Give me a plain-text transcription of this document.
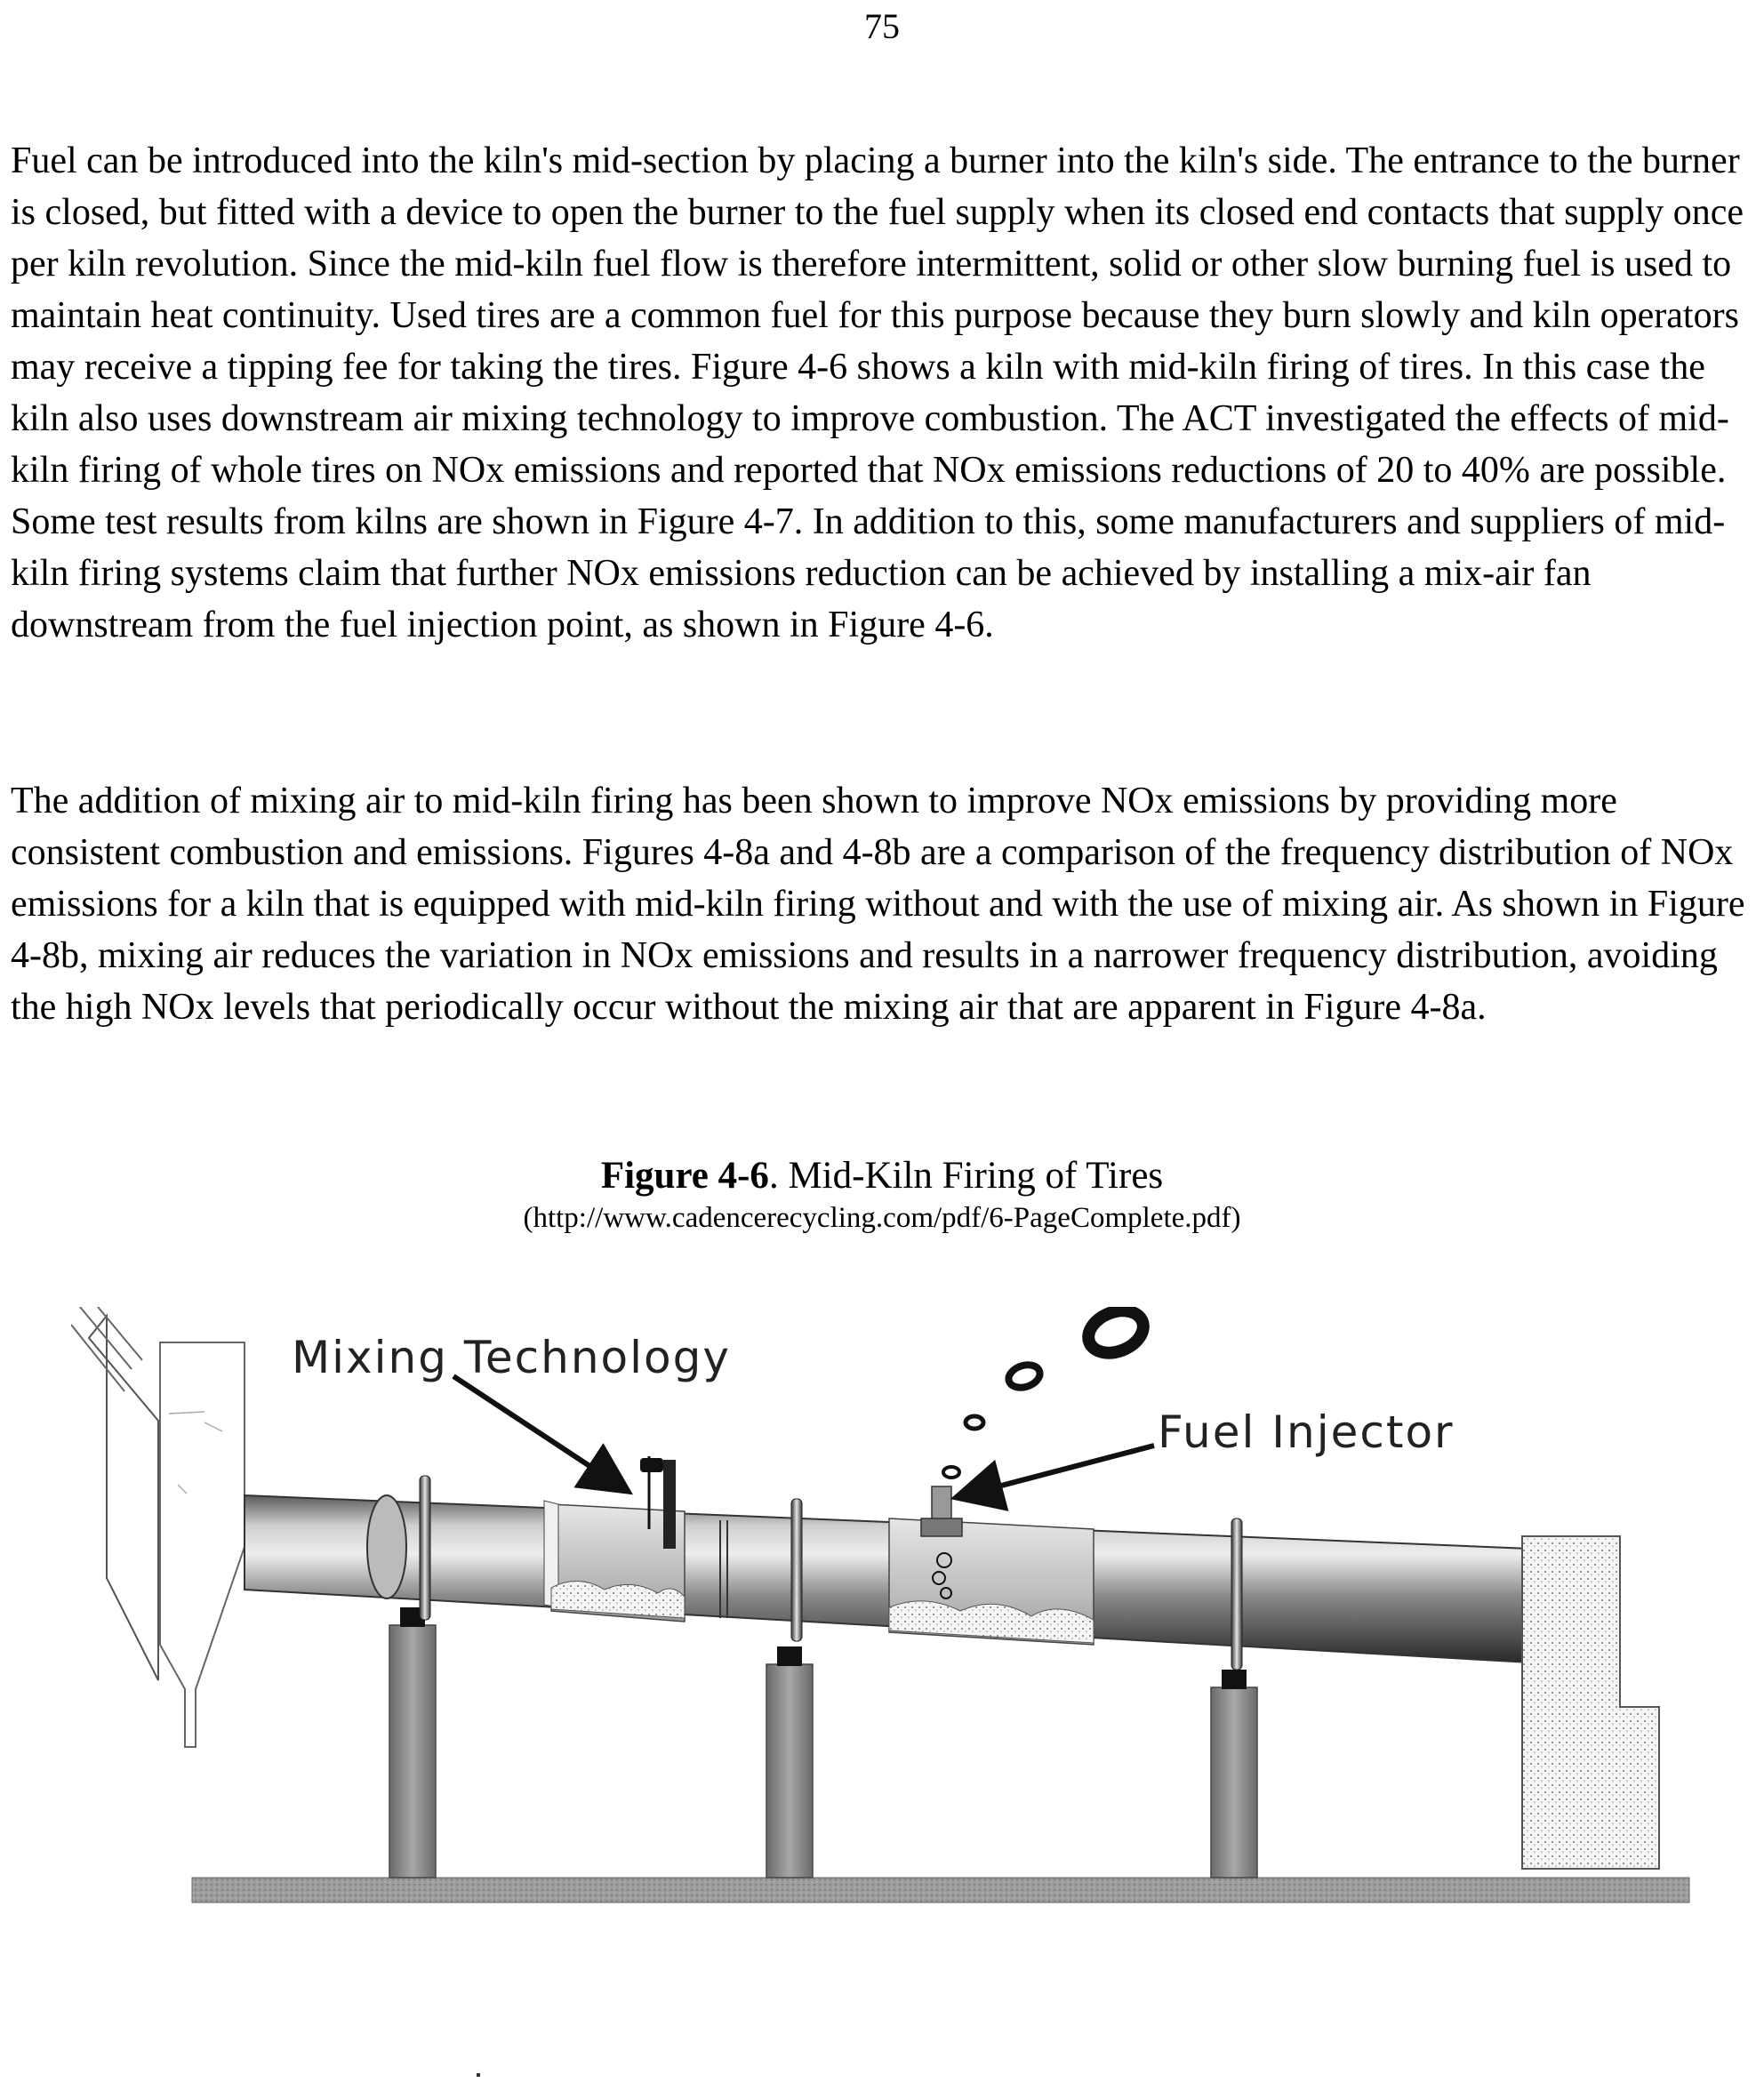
75

Fuel can be introduced into the kiln's mid-section by placing a burner into the kiln's side. The entrance to the burner is closed, but fitted with a device to open the burner to the fuel supply when its closed end contacts that supply once per kiln revolution. Since the mid-kiln fuel flow is therefore intermittent, solid or other slow burning fuel is used to maintain heat continuity. Used tires are a common fuel for this purpose because they burn slowly and kiln operators may receive a tipping fee for taking the tires. Figure 4-6 shows a kiln with mid-kiln firing of tires. In this case the kiln also uses downstream air mixing technology to improve combustion. The ACT investigated the effects of mid-kiln firing of whole tires on NOx emissions and reported that NOx emissions reductions of 20 to 40% are possible. Some test results from kilns are shown in Figure 4-7. In addition to this, some manufacturers and suppliers of mid-kiln firing systems claim that further NOx emissions reduction can be achieved by installing a mix-air fan downstream from the fuel injection point, as shown in Figure 4-6.

The addition of mixing air to mid-kiln firing has been shown to improve NOx emissions by providing more consistent combustion and emissions. Figures 4-8a and 4-8b are a comparison of the frequency distribution of NOx emissions for a kiln that is equipped with mid-kiln firing without and with the use of mixing air. As shown in Figure 4-8b, mixing air reduces the variation in NOx emissions and results in a narrower frequency distribution, avoiding the high NOx levels that periodically occur without the mixing air that are apparent in Figure 4-8a.

Figure 4-6. Mid-Kiln Firing of Tires
(http://www.cadencerecycling.com/pdf/6-PageComplete.pdf)
Mixing Technology
Fuel Injector
